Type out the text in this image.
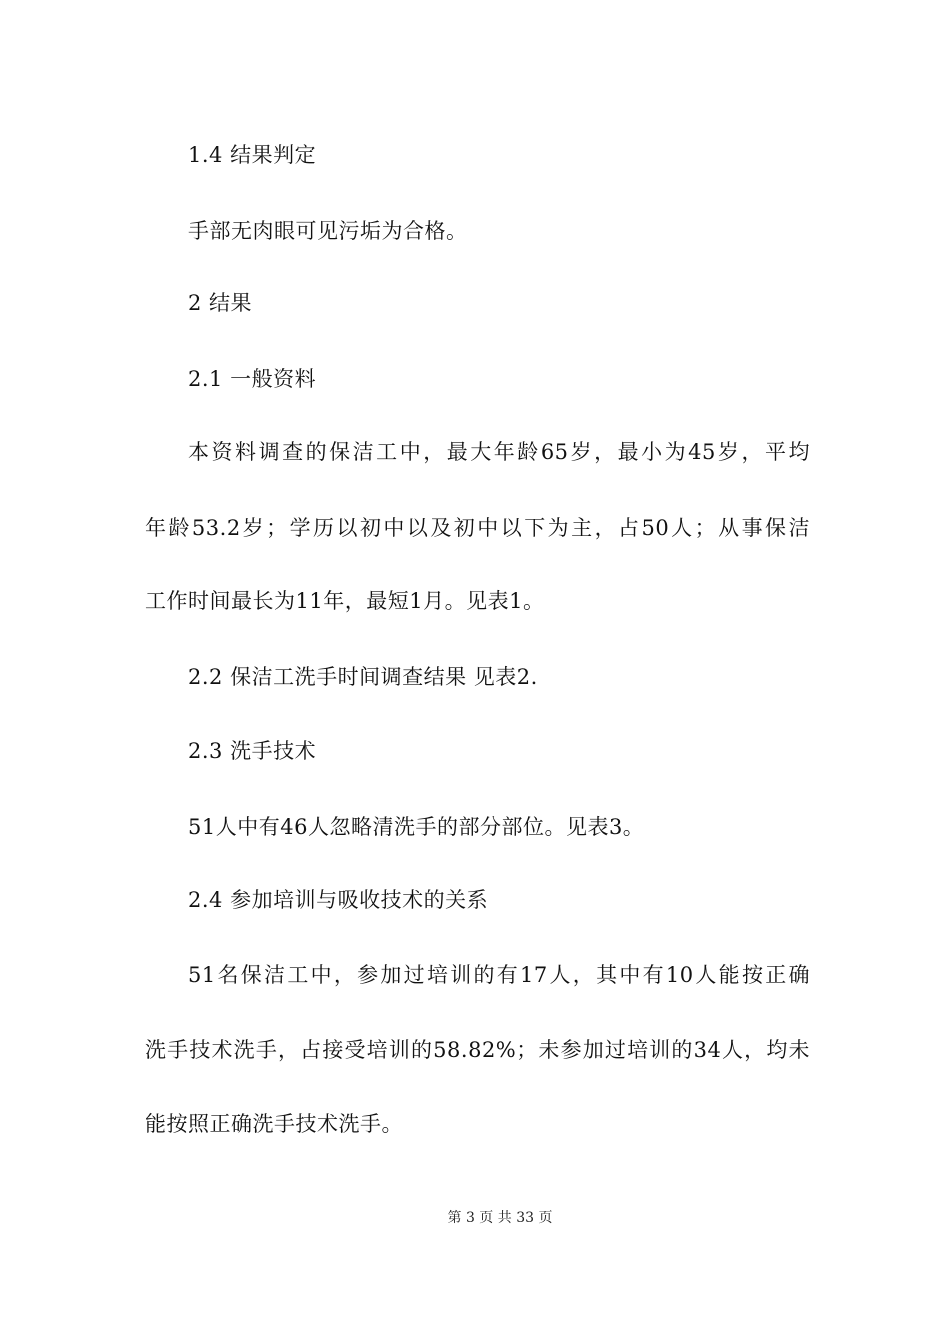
1.4 结果判定
手部无肉眼可见污垢为合格。
2 结果
2.1 一般资料
本资料调查的保洁工中，最大年龄65岁，最小为45岁，平均
年龄53.2岁；学历以初中以及初中以下为主，占50人；从事保洁
工作时间最长为11年，最短1月。见表1。
2.2 保洁工洗手时间调查结果 见表2.
2.3 洗手技术
51人中有46人忽略清洗手的部分部位。见表3。
2.4 参加培训与吸收技术的关系
51名保洁工中，参加过培训的有17人，其中有10人能按正确
洗手技术洗手，占接受培训的58.82%；未参加过培训的34人，均未
能按照正确洗手技术洗手。
第 3 页 共 33 页
